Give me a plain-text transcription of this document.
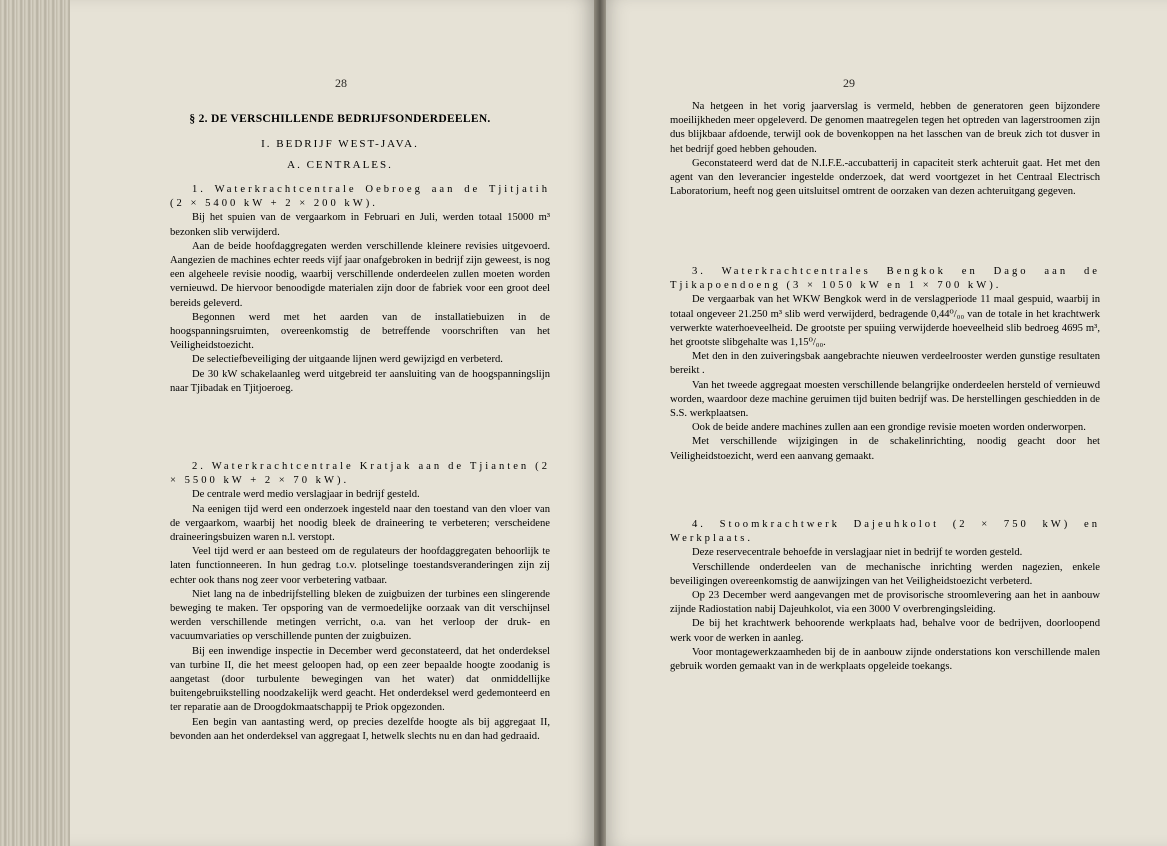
28	29
§ 2. DE VERSCHILLENDE BEDRIJFSONDERDEELEN.
I. BEDRIJF WEST-JAVA.
A. CENTRALES.

1. Waterkrachtcentrale Oebroeg aan de Tjitjatih (2 × 5400 kW + 2 × 200 kW).

Bij het spuien van de vergaarkom in Februari en Juli, werden totaal 15000 m³ bezonken slib verwijderd.

Aan de beide hoofdaggregaten werden verschillende kleinere revisies uitgevoerd. Aangezien de machines echter reeds vijf jaar onafgebroken in bedrijf zijn geweest, is nog een algeheele revisie noodig, waarbij verschillende onderdeelen zullen moeten worden vernieuwd. De hiervoor benoodigde materialen zijn door de fabriek voor een groot deel bereids geleverd.

Begonnen werd met het aarden van de installatiebuizen in de hoogspanningsruimten, overeenkomstig de betreffende voorschriften van het Veiligheidstoezicht.

De selectiefbeveiliging der uitgaande lijnen werd gewijzigd en verbeterd.

De 30 kW schakelaanleg werd uitgebreid ter aansluiting van de hoogspanningslijn naar Tjibadak en Tjitjoeroeg.

2. Waterkrachtcentrale Kratjak aan de Tjianten (2 × 5500 kW + 2 × 70 kW).

De centrale werd medio verslagjaar in bedrijf gesteld.

Na eenigen tijd werd een onderzoek ingesteld naar den toestand van den vloer van de vergaarkom, waarbij het noodig bleek de draineering te verbeteren; verscheidene draineeringsbuizen waren n.l. verstopt.

Veel tijd werd er aan besteed om de regulateurs der hoofdaggregaten behoorlijk te laten functionneeren. In hun gedrag t.o.v. plotselinge toestandsveranderingen zijn zij echter ook thans nog zeer voor verbetering vatbaar.

Niet lang na de inbedrijfstelling bleken de zuigbuizen der turbines een slingerende beweging te maken. Ter opsporing van de vermoedelijke oorzaak van dit verschijnsel werden verschillende metingen verricht, o.a. van het verloop der druk- en vacuumvariaties op verschillende punten der zuigbuizen.

Bij een inwendige inspectie in December werd geconstateerd, dat het onderdeksel van turbine II, die het meest geloopen had, op een zeer bepaalde hoogte zoodanig is aangetast (door turbulente bewegingen van het water) dat onmiddellijke buitengebruikstelling noodzakelijk werd geacht. Het onderdeksel werd gedemonteerd en ter reparatie aan de Droogdokmaatschappij te Priok opgezonden.

Een begin van aantasting werd, op precies dezelfde hoogte als bij aggregaat II, bevonden aan het onderdeksel van aggregaat I, hetwelk slechts nu en dan had gedraaid.

Na hetgeen in het vorig jaarverslag is vermeld, hebben de generatoren geen bijzondere moeilijkheden meer opgeleverd. De genomen maatregelen tegen het optreden van lagerstroomen zijn dus blijkbaar afdoende, terwijl ook de bovenkoppen na het lasschen van de breuk zich tot dusver in het bedrijf goed hebben gehouden.

Geconstateerd werd dat de N.I.F.E.-accubatterij in capaciteit sterk achteruit gaat. Het met den agent van den leverancier ingestelde onderzoek, dat werd voortgezet in het Centraal Electrisch Laboratorium, heeft nog geen uitsluitsel omtrent de oorzaken van dezen achteruitgang gegeven.

3. Waterkrachtcentrales Bengkok en Dago aan de Tjikapoendoeng (3 × 1050 kW en 1 × 700 kW).

De vergaarbak van het WKW Bengkok werd in de verslagperiode 11 maal gespuid, waarbij in totaal ongeveer 21.250 m³ slib werd verwijderd, bedragende 0,44⁰/₀₀ van de totale in het krachtwerk verwerkte waterhoeveelheid. De grootste per spuiing verwijderde hoeveelheid slib bedroeg 4695 m³, het grootste slibgehalte was 1,15⁰/₀₀.

Met den in den zuiveringsbak aangebrachte nieuwen verdeelrooster werden gunstige resultaten bereikt .

Van het tweede aggregaat moesten verschillende belangrijke onderdeelen hersteld of vernieuwd worden, waardoor deze machine geruimen tijd buiten bedrijf was. De herstellingen geschiedden in de S.S. werkplaatsen.

Ook de beide andere machines zullen aan een grondige revisie moeten worden onderworpen.

Met verschillende wijzigingen in de schakelinrichting, noodig geacht door het Veiligheidstoezicht, werd een aanvang gemaakt.

4. Stoomkrachtwerk Dajeuhkolot (2 × 750 kW) en Werkplaats.

Deze reservecentrale behoefde in verslagjaar niet in bedrijf te worden gesteld.

Verschillende onderdeelen van de mechanische inrichting werden nagezien, enkele beveiligingen overeenkomstig de aanwijzingen van het Veiligheidstoezicht verbeterd.

Op 23 December werd aangevangen met de provisorische stroomlevering aan het in aanbouw zijnde Radiostation nabij Dajeuhkolot, via een 3000 V overbrengingsleiding.

De bij het krachtwerk behoorende werkplaats had, behalve voor de bedrijven, doorloopend werk voor de werken in aanleg.

Voor montagewerkzaamheden bij de in aanbouw zijnde onderstations kon verschillende malen gebruik worden gemaakt van in de werkplaats opgeleide toekangs.
